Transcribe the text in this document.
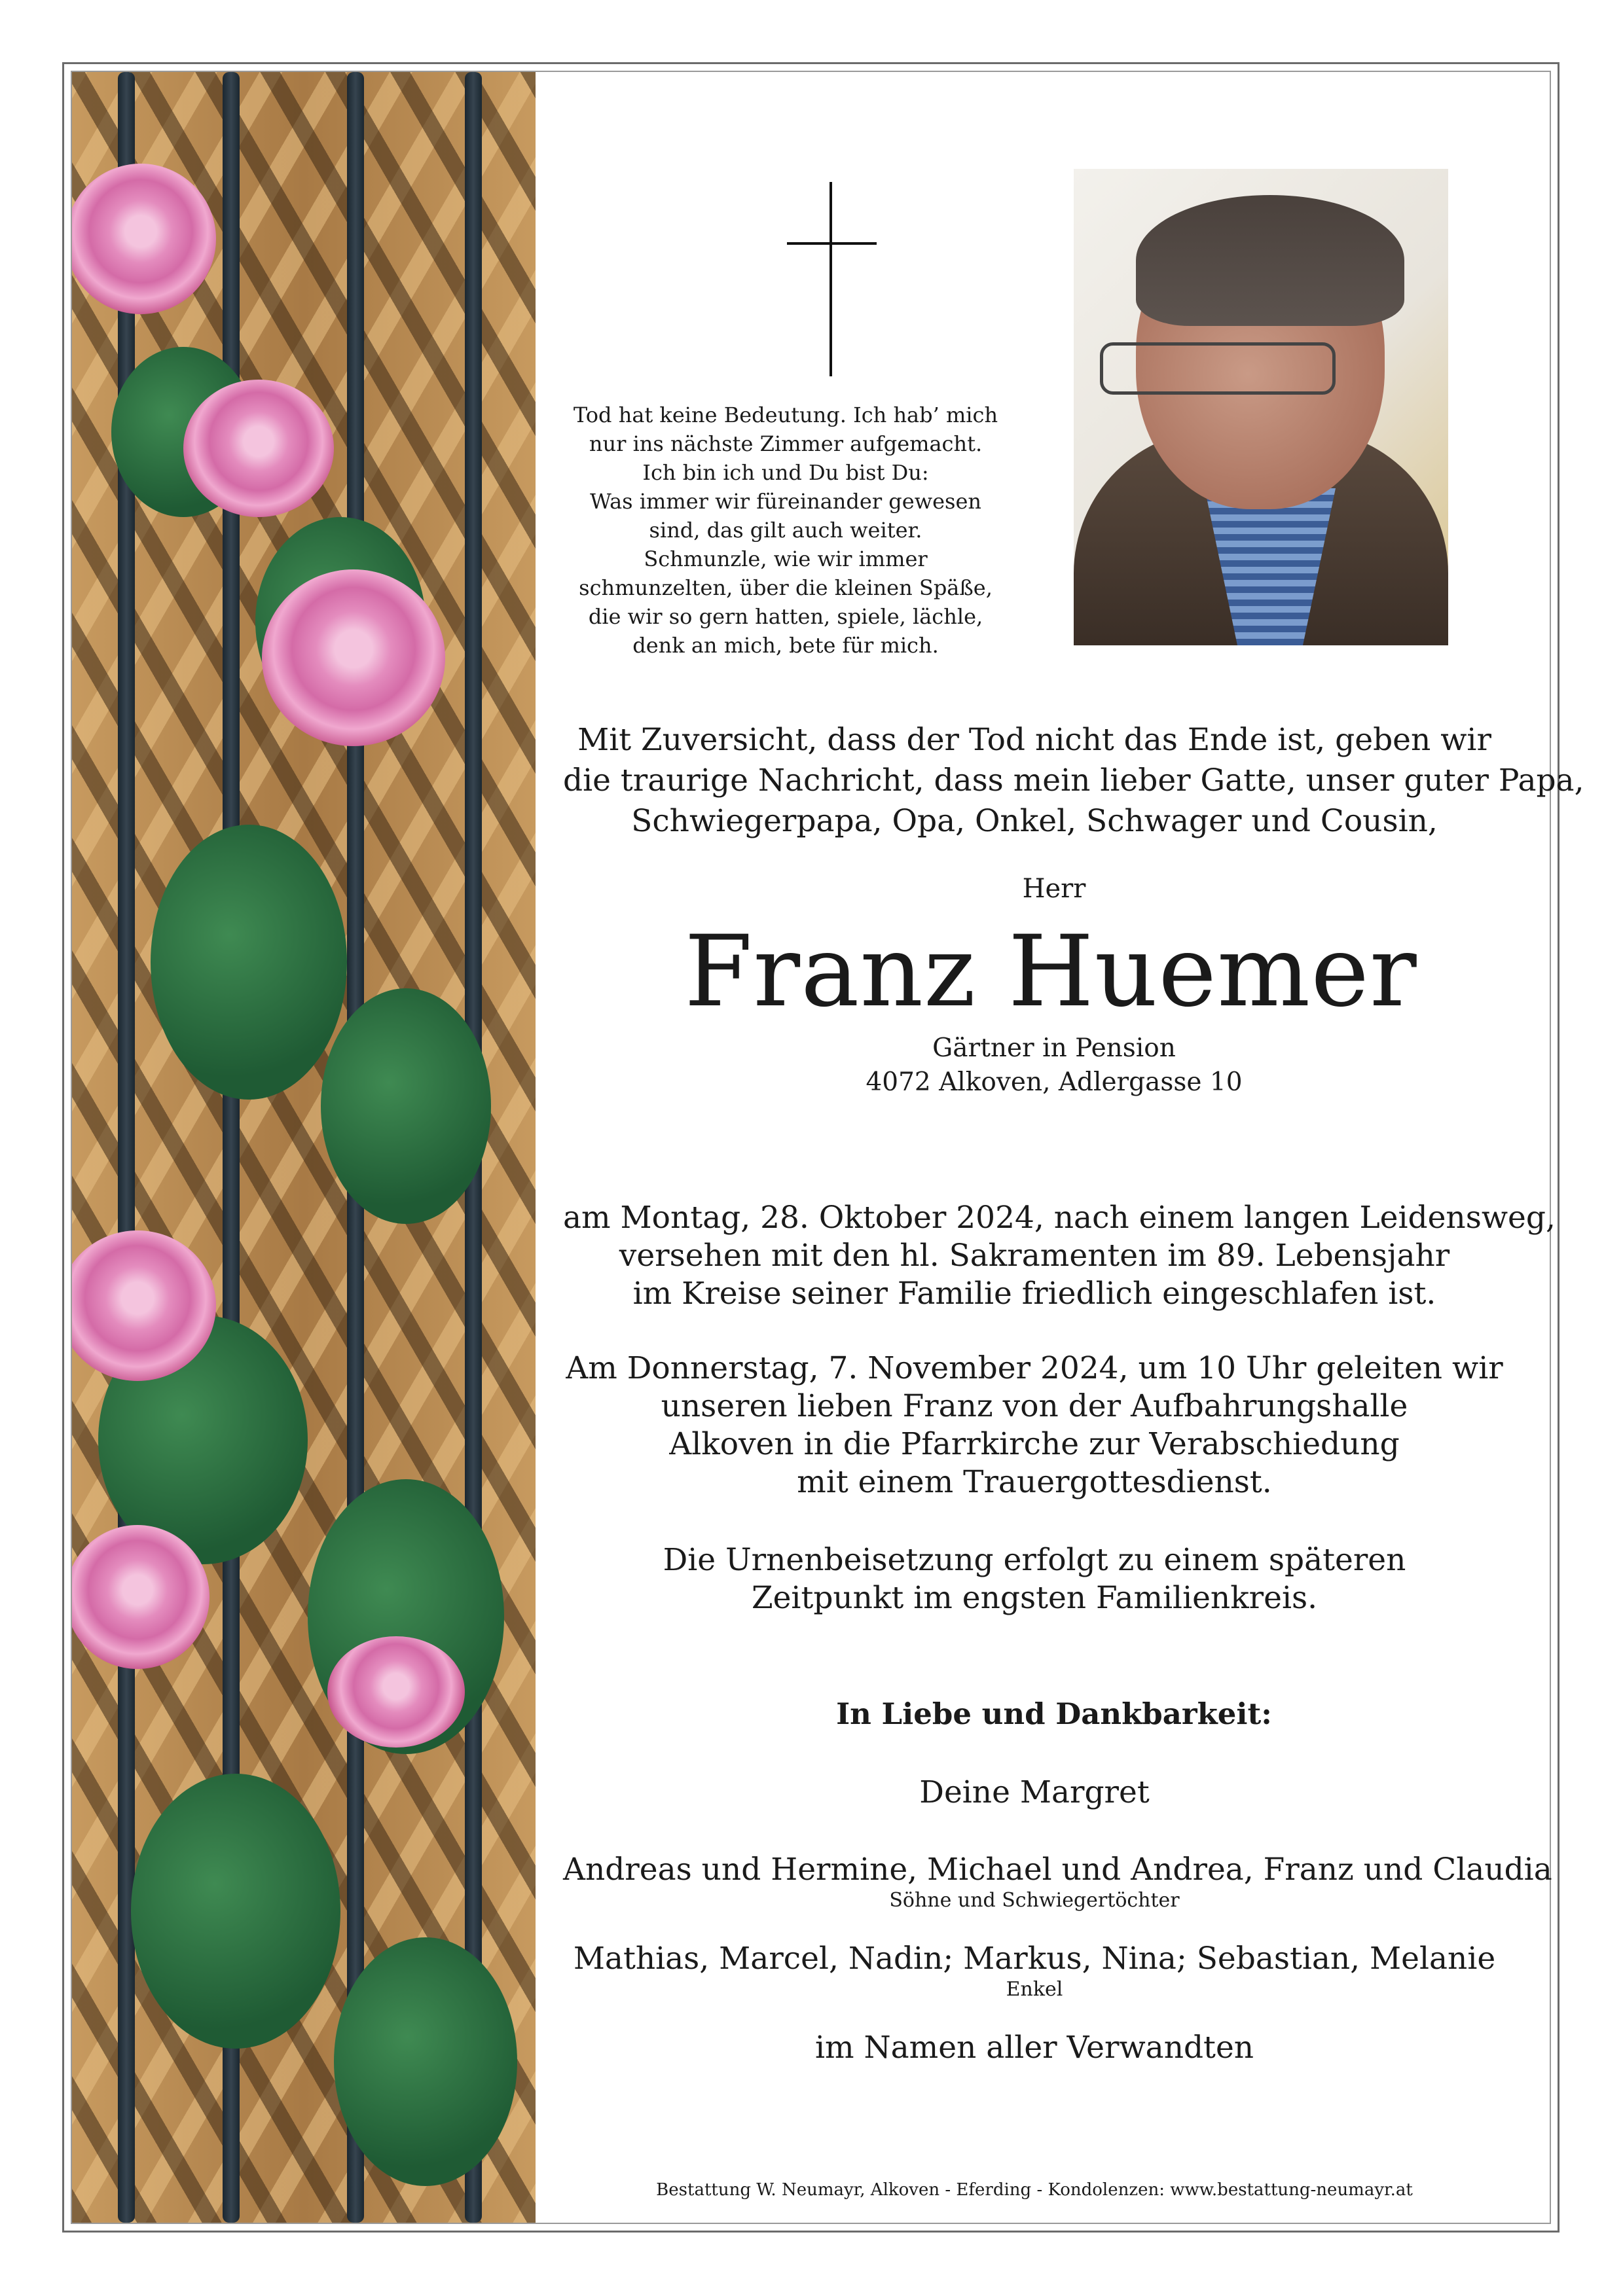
Tod hat keine Bedeutung. Ich hab’ mich
nur ins nächste Zimmer aufgemacht.
Ich bin ich und Du bist Du:
Was immer wir füreinander gewesen
sind, das gilt auch weiter.
Schmunzle, wie wir immer
schmunzelten, über die kleinen Späße,
die wir so gern hatten, spiele, lächle,
denk an mich, bete für mich.
Mit Zuversicht, dass der Tod nicht das Ende ist, geben wir
die traurige Nachricht, dass mein lieber Gatte, unser guter Papa,
Schwiegerpapa, Opa, Onkel, Schwager und Cousin,
Herr
Franz Huemer
Gärtner in Pension
4072 Alkoven, Adlergasse 10
am Montag, 28. Oktober 2024, nach einem langen Leidensweg,
versehen mit den hl. Sakramenten im 89. Lebensjahr
im Kreise seiner Familie friedlich eingeschlafen ist.
Am Donnerstag, 7. November 2024, um 10 Uhr geleiten wir
unseren lieben Franz von der Aufbahrungshalle
Alkoven in die Pfarrkirche zur Verabschiedung
mit einem Trauergottesdienst.
Die Urnenbeisetzung erfolgt zu einem späteren
Zeitpunkt im engsten Familienkreis.
In Liebe und Dankbarkeit:
Deine Margret
Andreas und Hermine, Michael und Andrea, Franz und Claudia
Söhne und Schwiegertöchter
Mathias, Marcel, Nadin; Markus, Nina; Sebastian, Melanie
Enkel
im Namen aller Verwandten
Bestattung W. Neumayr, Alkoven - Eferding - Kondolenzen: www.bestattung-neumayr.at
